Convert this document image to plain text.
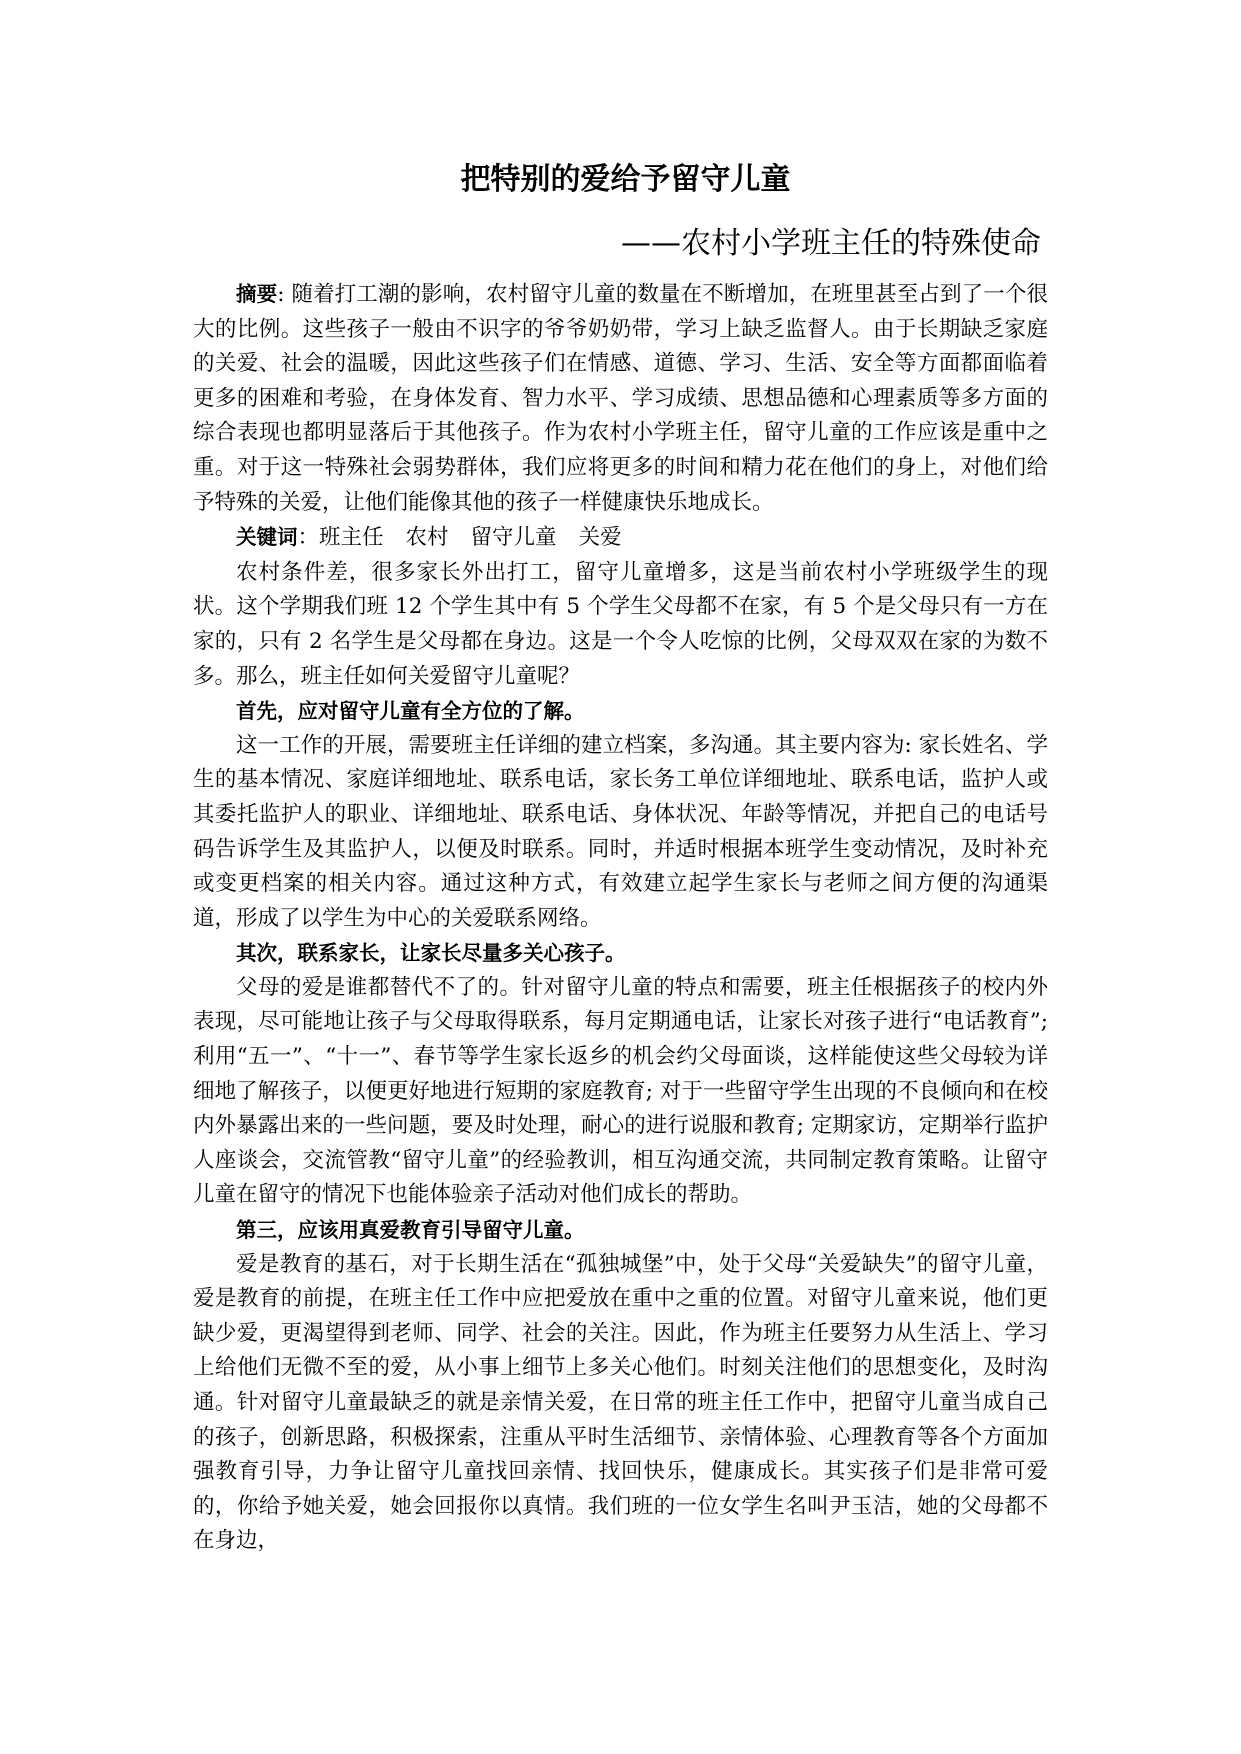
把特别的爱给予留守儿童
——农村小学班主任的特殊使命

摘要: 随着打工潮的影响，农村留守儿童的数量在不断增加，在班里甚至占到了一个很大的比例。这些孩子一般由不识字的爷爷奶奶带，学习上缺乏监督人。由于长期缺乏家庭的关爱、社会的温暖，因此这些孩子们在情感、道德、学习、生活、安全等方面都面临着更多的困难和考验，在身体发育、智力水平、学习成绩、思想品德和心理素质等多方面的综合表现也都明显落后于其他孩子。作为农村小学班主任，留守儿童的工作应该是重中之重。对于这一特殊社会弱势群体，我们应将更多的时间和精力花在他们的身上，对他们给予特殊的关爱，让他们能像其他的孩子一样健康快乐地成长。

关键词：班主任 农村 留守儿童 关爱

农村条件差，很多家长外出打工，留守儿童增多，这是当前农村小学班级学生的现状。这个学期我们班 12 个学生其中有 5 个学生父母都不在家，有 5 个是父母只有一方在家的，只有 2 名学生是父母都在身边。这是一个令人吃惊的比例，父母双双在家的为数不多。那么，班主任如何关爱留守儿童呢？

首先，应对留守儿童有全方位的了解。

这一工作的开展，需要班主任详细的建立档案，多沟通。其主要内容为: 家长姓名、学生的基本情况、家庭详细地址、联系电话，家长务工单位详细地址、联系电话，监护人或其委托监护人的职业、详细地址、联系电话、身体状况、年龄等情况，并把自己的电话号码告诉学生及其监护人，以便及时联系。同时，并适时根据本班学生变动情况，及时补充或变更档案的相关内容。通过这种方式，有效建立起学生家长与老师之间方便的沟通渠道，形成了以学生为中心的关爱联系网络。

其次，联系家长，让家长尽量多关心孩子。

父母的爱是谁都替代不了的。针对留守儿童的特点和需要，班主任根据孩子的校内外表现，尽可能地让孩子与父母取得联系，每月定期通电话，让家长对孩子进行“电话教育”; 利用“五一”、“十一”、春节等学生家长返乡的机会约父母面谈，这样能使这些父母较为详细地了解孩子，以便更好地进行短期的家庭教育; 对于一些留守学生出现的不良倾向和在校内外暴露出来的一些问题，要及时处理，耐心的进行说服和教育; 定期家访，定期举行监护人座谈会，交流管教“留守儿童”的经验教训，相互沟通交流，共同制定教育策略。让留守儿童在留守的情况下也能体验亲子活动对他们成长的帮助。

第三，应该用真爱教育引导留守儿童。

爱是教育的基石，对于长期生活在“孤独城堡”中，处于父母“关爱缺失”的留守儿童，爱是教育的前提，在班主任工作中应把爱放在重中之重的位置。对留守儿童来说，他们更缺少爱，更渴望得到老师、同学、社会的关注。因此，作为班主任要努力从生活上、学习上给他们无微不至的爱，从小事上细节上多关心他们。时刻关注他们的思想变化，及时沟通。针对留守儿童最缺乏的就是亲情关爱，在日常的班主任工作中，把留守儿童当成自己的孩子，创新思路，积极探索，注重从平时生活细节、亲情体验、心理教育等各个方面加强教育引导，力争让留守儿童找回亲情、找回快乐，健康成长。其实孩子们是非常可爱的，你给予她关爱，她会回报你以真情。我们班的一位女学生名叫尹玉洁，她的父母都不在身边，
